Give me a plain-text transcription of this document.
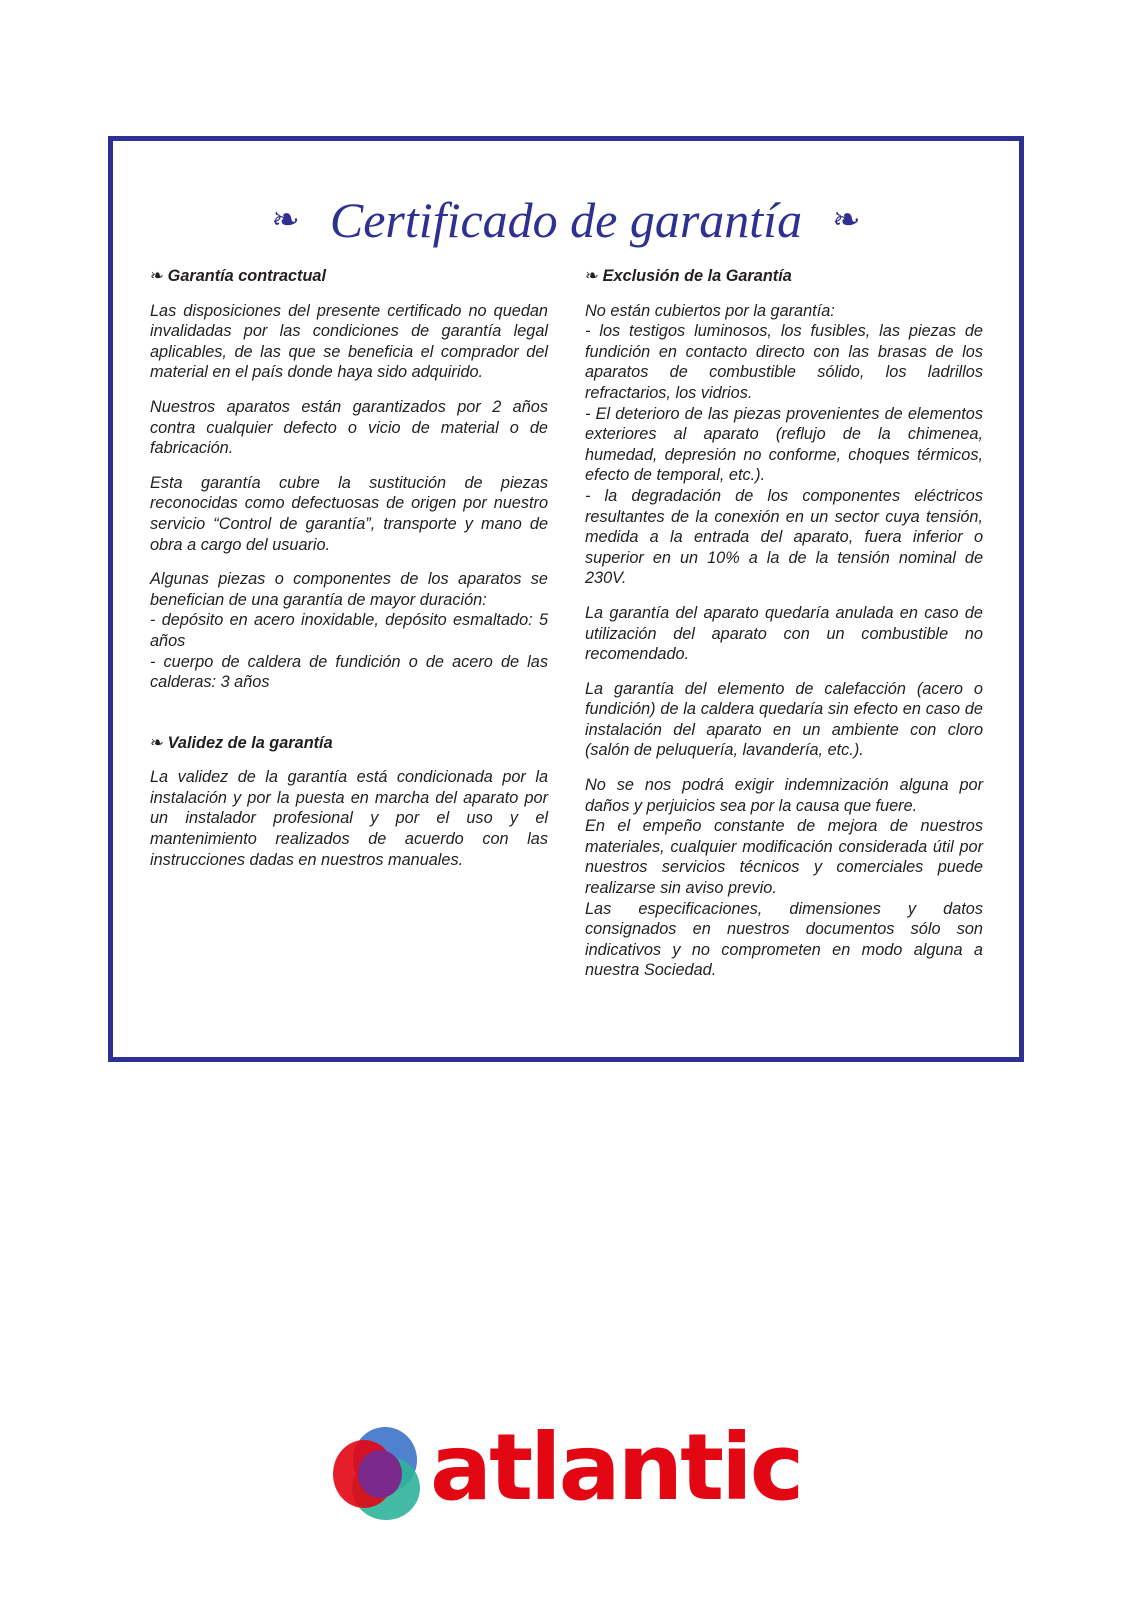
❧ Certificado de garantía ❧
❧ Garantía contractual
Las disposiciones del presente certificado no quedan invalidadas por las condiciones de garantía legal aplicables, de las que se beneficia el comprador del material en el país donde haya sido adquirido.
Nuestros aparatos están garantizados por 2 años contra cualquier defecto o vicio de material o de fabricación.
Esta garantía cubre la sustitución de piezas reconocidas como defectuosas de origen por nuestro servicio “Control de garantía”, transporte y mano de obra a cargo del usuario.
Algunas piezas o componentes de los aparatos se benefician de una garantía de mayor duración:
- depósito en acero inoxidable, depósito esmaltado: 5 años
- cuerpo de caldera de fundición o de acero de las calderas: 3 años
❧ Validez de la garantía
La validez de la garantía está condicionada por la instalación y por la puesta en marcha del aparato por un instalador profesional y por el uso y el mantenimiento realizados de acuerdo con las instrucciones dadas en nuestros manuales.
❧ Exclusión de la Garantía
No están cubiertos por la garantía:
- los testigos luminosos, los fusibles, las piezas de fundición en contacto directo con las brasas de los aparatos de combustible sólido, los ladrillos refractarios, los vidrios.
- El deterioro de las piezas provenientes de elementos exteriores al aparato (reflujo de la chimenea, humedad, depresión no conforme, choques térmicos, efecto de temporal, etc.).
- la degradación de los componentes eléctricos resultantes de la conexión en un sector cuya tensión, medida a la entrada del aparato, fuera inferior o superior en un 10% a la de la tensión nominal de 230V.
La garantía del aparato quedaría anulada en caso de utilización del aparato con un combustible no recomendado.
La garantía del elemento de calefacción (acero o fundición) de la caldera quedaría sin efecto en caso de instalación del aparato en un ambiente con cloro (salón de peluquería, lavandería, etc.).
No se nos podrá exigir indemnización alguna por daños y perjuicios sea por la causa que fuere.
En el empeño constante de mejora de nuestros materiales, cualquier modificación considerada útil por nuestros servicios técnicos y comerciales puede realizarse sin aviso previo.
Las especificaciones, dimensiones y datos consignados en nuestros documentos sólo son indicativos y no comprometen en modo alguna a nuestra Sociedad.
atlantic
